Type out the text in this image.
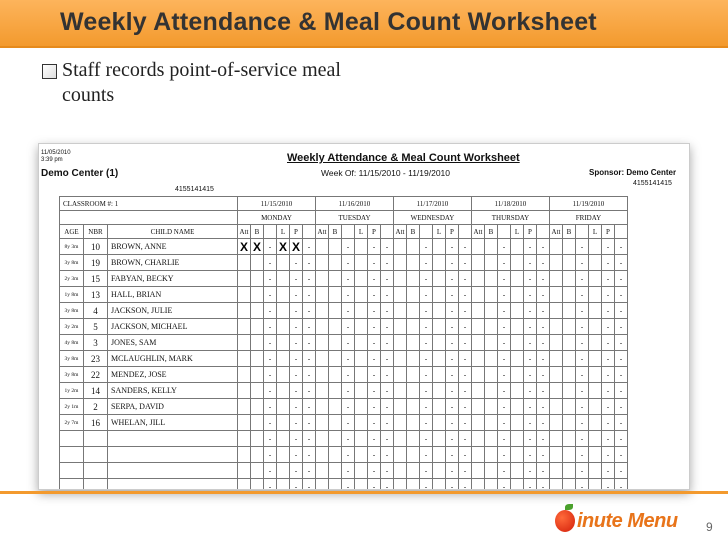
Weekly Attendance & Meal Count Worksheet
Staff records point-of-service meal counts
11/05/2010
3:39 pm
Demo Center (1)
4155141415
Weekly Attendance & Meal Count Worksheet
Week Of: 11/15/2010 - 11/19/2010	Sponsor: Demo Center
4155141415
CLASSROOM #: 1			11/15/2010						11/16/2010						11/17/2010						11/18/2010						11/19/2010					
			MONDAY						TUESDAY						WEDNESDAY						THURSDAY						FRIDAY					
AGE	NBR	CHILD NAME	Att	B		L	P		Att	B		L	P		Att	B		L	P		Att	B		L	P		Att	B		L	P	
8y 3m	10	BROWN, ANNE	X	X	-	X	X	-			-		-	-			-		-	-			-		-	-			-		-	-
3y 8m	19	BROWN, CHARLIE			-		-	-			-		-	-			-		-	-			-		-	-			-		-	-
2y 3m	15	FABYAN, BECKY			-		-	-			-		-	-			-		-	-			-		-	-			-		-	-
1y 8m	13	HALL, BRIAN			-		-	-			-		-	-			-		-	-			-		-	-			-		-	-
3y 8m	4	JACKSON, JULIE			-		-	-			-		-	-			-		-	-			-		-	-			-		-	-
3y 2m	5	JACKSON, MICHAEL			-		-	-			-		-	-			-		-	-			-		-	-			-		-	-
4y 8m	3	JONES, SAM			-		-	-			-		-	-			-		-	-			-		-	-			-		-	-
3y 8m	23	MCLAUGHLIN, MARK			-		-	-			-		-	-			-		-	-			-		-	-			-		-	-
3y 8m	22	MENDEZ, JOSE			-		-	-			-		-	-			-		-	-			-		-	-			-		-	-
1y 2m	14	SANDERS, KELLY			-		-	-			-		-	-			-		-	-			-		-	-			-		-	-
2y 1m	2	SERPA, DAVID			-		-	-			-		-	-			-		-	-			-		-	-			-		-	-
2y 7m	16	WHELAN, JILL			-		-	-			-		-	-			-		-	-			-		-	-			-		-	-
					-		-	-			-		-	-			-		-	-			-		-	-			-		-	-
					-		-	-			-		-	-			-		-	-			-		-	-			-		-	-
					-		-	-			-		-	-			-		-	-			-		-	-			-		-	-
					-		-	-			-		-	-			-		-	-			-		-	-			-		-	-

inute Menu 9
